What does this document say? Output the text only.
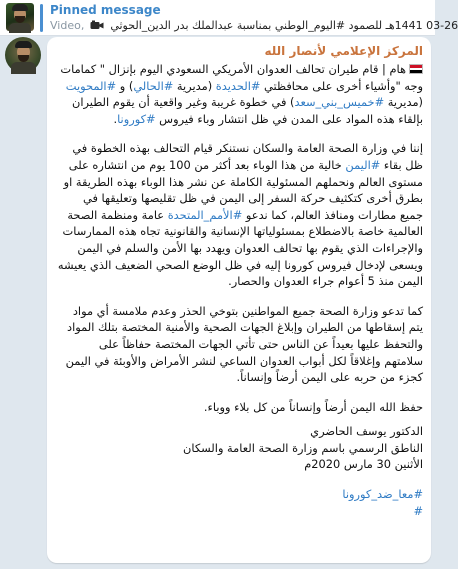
Pinned message
Video, 03-26 ‏1441هـ للصمود ‏#اليوم_الوطني بمناسبة ‏عبدالملك بدر الدين_الحوثي
المركز الإعلامي لأنصار الله

هام | قام طيران تحالف العدوان الأمريكي السعودي اليوم بإنزال " كمامات وجه "وأشياء أخرى على محافظتي #الحديدة (مديرية #الحالي) و #المحويت (مديرية #خميس_بني_سعد) في خطوة غريبة وغير واقعية أن يقوم الطيران بإلقاء هذه المواد على المدن في ظل انتشار وباء فيروس #كورونا.

إننا في وزارة الصحة العامة والسكان نستنكر قيام التحالف بهذه الخطوة في ظل بقاء #اليمن خالية من هذا الوباء بعد أكثر من 100 يوم من انتشاره على مستوى العالم ونحملهم المسئولية الكاملة عن نشر هذا الوباء بهذه الطريقة او بطرق أخرى كتكثيف حركة السفر إلى اليمن في ظل تقليصها وتعليقها في جميع مطارات ومنافذ العالم، كما ندعو #الأمم_المتحدة عامة ومنظمة الصحة العالمية خاصة بالاضطلاع بمسئولياتها الإنسانية والقانونية تجاه هذه الممارسات والإجراءات الذي يقوم بها تحالف العدوان ويهدد بها الأمن والسلم في اليمن ويسعى لإدخال فيروس كورونا إليه في ظل الوضع الصحي الضعيف الذي يعيشه اليمن منذ 5 أعوام جراء العدوان والحصار.

كما تدعو وزارة الصحة جميع المواطنين بتوخي الحذر وعدم ملامسة أي مواد يتم إسقاطها من الطيران وإبلاغ الجهات الصحية والأمنية المختصة بتلك المواد والتحفظ عليها بعيداً عن الناس حتى تأتي الجهات المختصة حفاظاً على سلامتهم وإغلاقاً لكل أبواب العدوان الساعي لنشر الأمراض والأوبئة في اليمن كجزء من حربه على اليمن أرضاً وإنساناً.

حفظ الله اليمن أرضاً وإنساناً من كل بلاء ووباء.

الدكتور يوسف الحاضري
الناطق الرسمي باسم وزارة الصحة العامة والسكان
الأثنين 30 مارس 2020م
#معا_ضد_كورونا
#
